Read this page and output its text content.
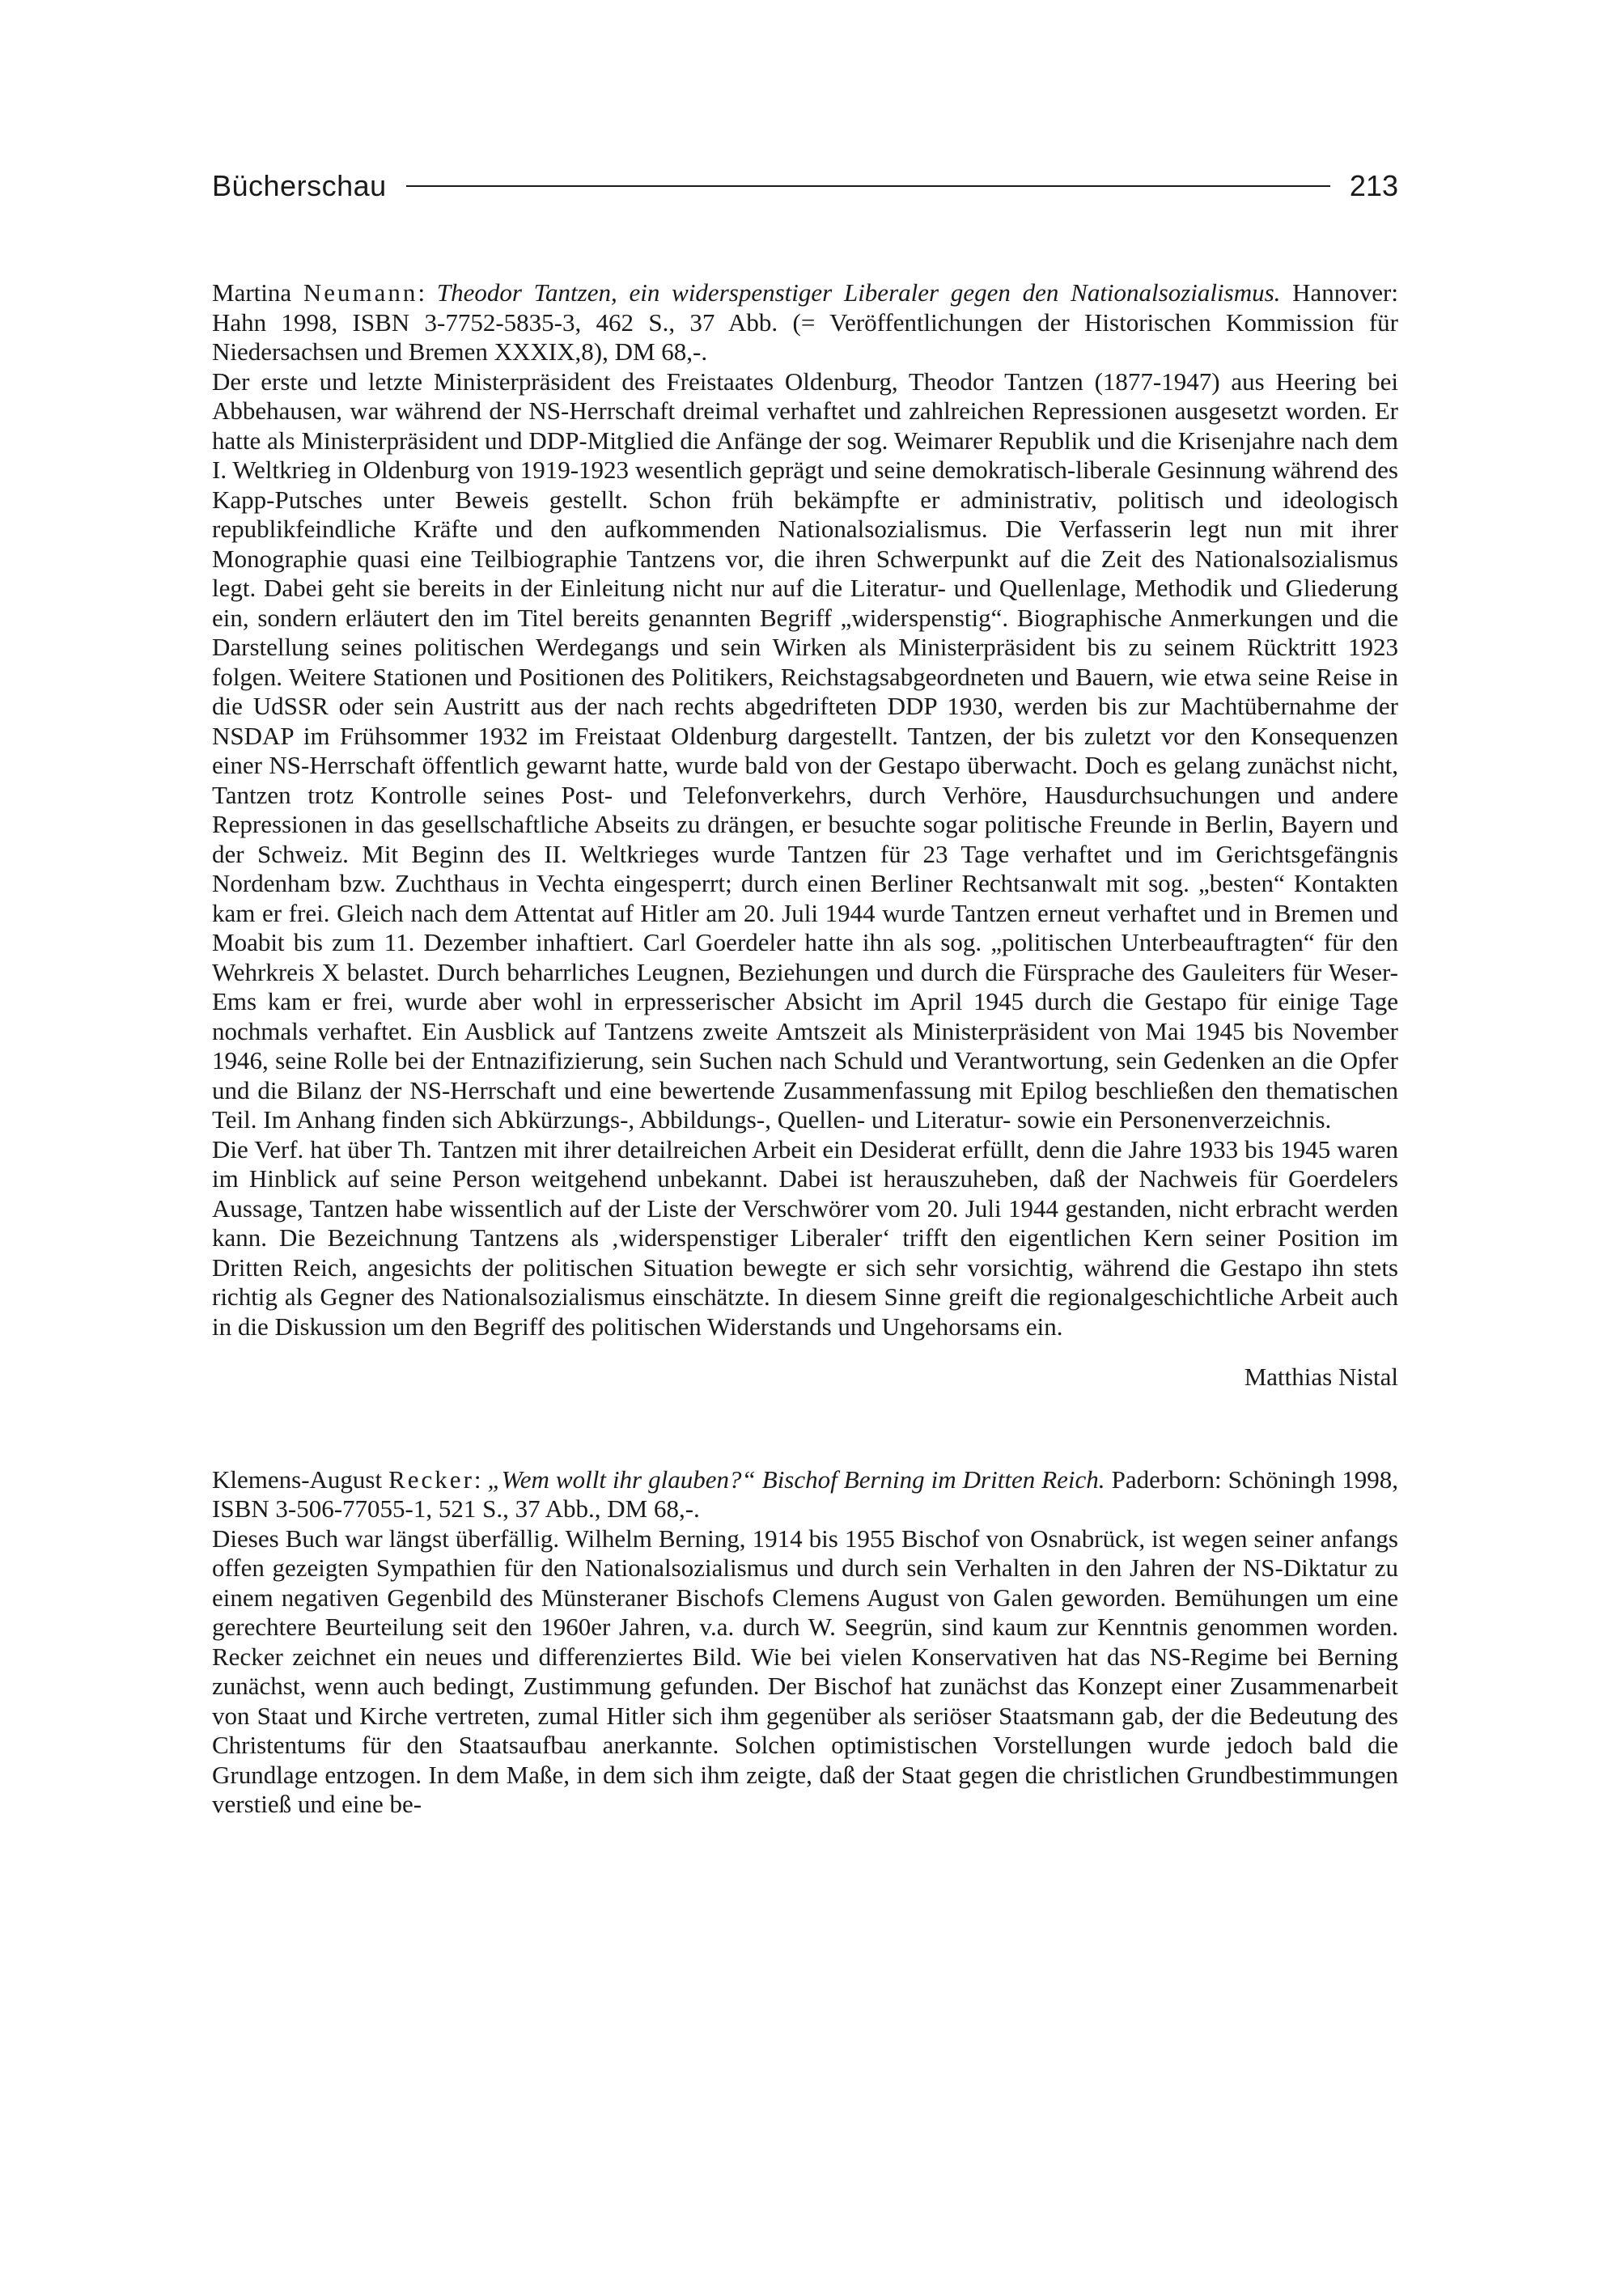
Bücherschau	213

Martina Neumann: Theodor Tantzen, ein widerspenstiger Liberaler gegen den Nationalsozialismus. Hannover: Hahn 1998, ISBN 3-7752-5835-3, 462 S., 37 Abb. (= Veröffentlichungen der Historischen Kommission für Niedersachsen und Bremen XXXIX,8), DM 68,-.

Der erste und letzte Ministerpräsident des Freistaates Oldenburg, Theodor Tantzen (1877-1947) aus Heering bei Abbehausen, war während der NS-Herrschaft dreimal verhaftet und zahlreichen Repressionen ausgesetzt worden. Er hatte als Ministerpräsident und DDP-Mitglied die Anfänge der sog. Weimarer Republik und die Krisenjahre nach dem I. Weltkrieg in Oldenburg von 1919-1923 wesentlich geprägt und seine demokratisch-liberale Gesinnung während des Kapp-Putsches unter Beweis gestellt. Schon früh bekämpfte er administrativ, politisch und ideologisch republikfeindliche Kräfte und den aufkommenden Nationalsozialismus. Die Verfasserin legt nun mit ihrer Monographie quasi eine Teilbiographie Tantzens vor, die ihren Schwerpunkt auf die Zeit des Nationalsozialismus legt. Dabei geht sie bereits in der Einleitung nicht nur auf die Literatur- und Quellenlage, Methodik und Gliederung ein, sondern erläutert den im Titel bereits genannten Begriff „widerspenstig“. Biographische Anmerkungen und die Darstellung seines politischen Werdegangs und sein Wirken als Ministerpräsident bis zu seinem Rücktritt 1923 folgen. Weitere Stationen und Positionen des Politikers, Reichstagsabgeordneten und Bauern, wie etwa seine Reise in die UdSSR oder sein Austritt aus der nach rechts abgedrifteten DDP 1930, werden bis zur Machtübernahme der NSDAP im Frühsommer 1932 im Freistaat Oldenburg dargestellt. Tantzen, der bis zuletzt vor den Konsequenzen einer NS-Herrschaft öffentlich gewarnt hatte, wurde bald von der Gestapo überwacht. Doch es gelang zunächst nicht, Tantzen trotz Kontrolle seines Post- und Telefonverkehrs, durch Verhöre, Hausdurchsuchungen und andere Repressionen in das gesellschaftliche Abseits zu drängen, er besuchte sogar politische Freunde in Berlin, Bayern und der Schweiz. Mit Beginn des II. Weltkrieges wurde Tantzen für 23 Tage verhaftet und im Gerichtsgefängnis Nordenham bzw. Zuchthaus in Vechta eingesperrt; durch einen Berliner Rechtsanwalt mit sog. „besten“ Kontakten kam er frei. Gleich nach dem Attentat auf Hitler am 20. Juli 1944 wurde Tantzen erneut verhaftet und in Bremen und Moabit bis zum 11. Dezember inhaftiert. Carl Goerdeler hatte ihn als sog. „politischen Unterbeauftragten“ für den Wehrkreis X belastet. Durch beharrliches Leugnen, Beziehungen und durch die Fürsprache des Gauleiters für Weser-Ems kam er frei, wurde aber wohl in erpresserischer Absicht im April 1945 durch die Gestapo für einige Tage nochmals verhaftet. Ein Ausblick auf Tantzens zweite Amtszeit als Ministerpräsident von Mai 1945 bis November 1946, seine Rolle bei der Entnazifizierung, sein Suchen nach Schuld und Verantwortung, sein Gedenken an die Opfer und die Bilanz der NS-Herrschaft und eine bewertende Zusammenfassung mit Epilog beschließen den thematischen Teil. Im Anhang finden sich Abkürzungs-, Abbildungs-, Quellen- und Literatur- sowie ein Personenverzeichnis.

Die Verf. hat über Th. Tantzen mit ihrer detailreichen Arbeit ein Desiderat erfüllt, denn die Jahre 1933 bis 1945 waren im Hinblick auf seine Person weitgehend unbekannt. Dabei ist herauszuheben, daß der Nachweis für Goerdelers Aussage, Tantzen habe wissentlich auf der Liste der Verschwörer vom 20. Juli 1944 gestanden, nicht erbracht werden kann. Die Bezeichnung Tantzens als ‚widerspenstiger Liberaler‘ trifft den eigentlichen Kern seiner Position im Dritten Reich, angesichts der politischen Situation bewegte er sich sehr vorsichtig, während die Gestapo ihn stets richtig als Gegner des Nationalsozialismus einschätzte. In diesem Sinne greift die regionalgeschichtliche Arbeit auch in die Diskussion um den Begriff des politischen Widerstands und Ungehorsams ein.

Matthias Nistal

Klemens-August Recker: „Wem wollt ihr glauben?“ Bischof Berning im Dritten Reich. Paderborn: Schöningh 1998, ISBN 3-506-77055-1, 521 S., 37 Abb., DM 68,-.

Dieses Buch war längst überfällig. Wilhelm Berning, 1914 bis 1955 Bischof von Osnabrück, ist wegen seiner anfangs offen gezeigten Sympathien für den Nationalsozialismus und durch sein Verhalten in den Jahren der NS-Diktatur zu einem negativen Gegenbild des Münsteraner Bischofs Clemens August von Galen geworden. Bemühungen um eine gerechtere Beurteilung seit den 1960er Jahren, v.a. durch W. Seegrün, sind kaum zur Kenntnis genommen worden. Recker zeichnet ein neues und differenziertes Bild. Wie bei vielen Konservativen hat das NS-Regime bei Berning zunächst, wenn auch bedingt, Zustimmung gefunden. Der Bischof hat zunächst das Konzept einer Zusammenarbeit von Staat und Kirche vertreten, zumal Hitler sich ihm gegenüber als seriöser Staatsmann gab, der die Bedeutung des Christentums für den Staatsaufbau anerkannte. Solchen optimistischen Vorstellungen wurde jedoch bald die Grundlage entzogen. In dem Maße, in dem sich ihm zeigte, daß der Staat gegen die christlichen Grundbestimmungen verstieß und eine be-
